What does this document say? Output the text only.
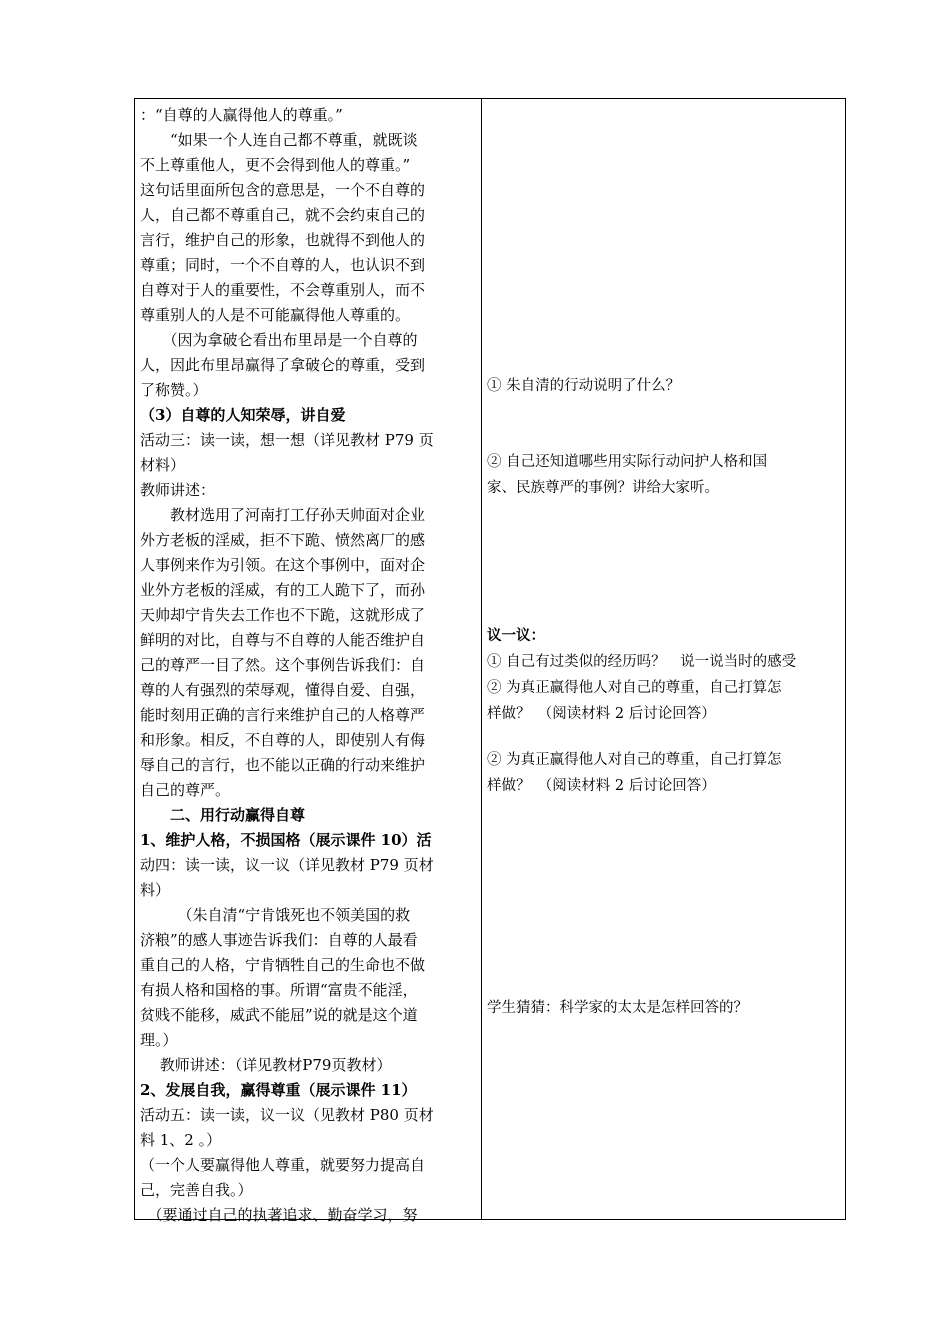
：“自尊的人赢得他人的尊重。”
　　“如果一个人连自己都不尊重，就既谈
不上尊重他人，更不会得到他人的尊重。”
这句话里面所包含的意思是，一个不自尊的
人，自己都不尊重自己，就不会约束自己的
言行，维护自己的形象，也就得不到他人的
尊重；同时，一个不自尊的人，也认识不到
自尊对于人的重要性，不会尊重别人，而不
尊重别人的人是不可能赢得他人尊重的。
　　（因为拿破仑看出布里昂是一个自尊的
人，因此布里昂赢得了拿破仑的尊重，受到
了称赞。）
（3）自尊的人知荣辱，讲自爱
活动三：读一读，想一想（详见教材 P79 页
材料）
教师讲述：
　　教材选用了河南打工仔孙天帅面对企业
外方老板的淫威，拒不下跪、愤然离厂的感
人事例来作为引领。在这个事例中，面对企
业外方老板的淫威，有的工人跪下了，而孙
天帅却宁肯失去工作也不下跪，这就形成了
鲜明的对比，自尊与不自尊的人能否维护自
己的尊严一目了然。这个事例告诉我们：自
尊的人有强烈的荣辱观，懂得自爱、自强，
能时刻用正确的言行来维护自己的人格尊严
和形象。相反，不自尊的人，即使别人有侮
辱自己的言行，也不能以正确的行动来维护
自己的尊严。
　　二、用行动赢得自尊
1、维护人格，不损国格（展示课件 10）活
动四：读一读，议一议（详见教材 P79 页材
料）
　　　（朱自清“宁肯饿死也不领美国的救
济粮”的感人事迹告诉我们：自尊的人最看
重自己的人格，宁肯牺牲自己的生命也不做
有损人格和国格的事。所谓“富贵不能淫，
贫贱不能移，威武不能屈”说的就是这个道
理。）
　 教师讲述：（详见教材P79页教材）
2、发展自我，赢得尊重（展示课件 11）
活动五：读一读，议一议（见教材 P80 页材
料 1、2 。）
（一个人要赢得他人尊重，就要努力提高自
己，完善自我。）
　（要通过自己的执著追求、勤奋学习，努
① 朱自清的行动说明了什么？
② 自己还知道哪些用实际行动问护人格和国
家、民族尊严的事例？讲给大家听。
议一议：
① 自己有过类似的经历吗？　说一说当时的感受
② 为真正赢得他人对自己的尊重，自己打算怎
样做？　（阅读材料 2 后讨论回答）
② 为真正赢得他人对自己的尊重，自己打算怎
样做？　（阅读材料 2 后讨论回答）
学生猜猜：科学家的太太是怎样回答的？
